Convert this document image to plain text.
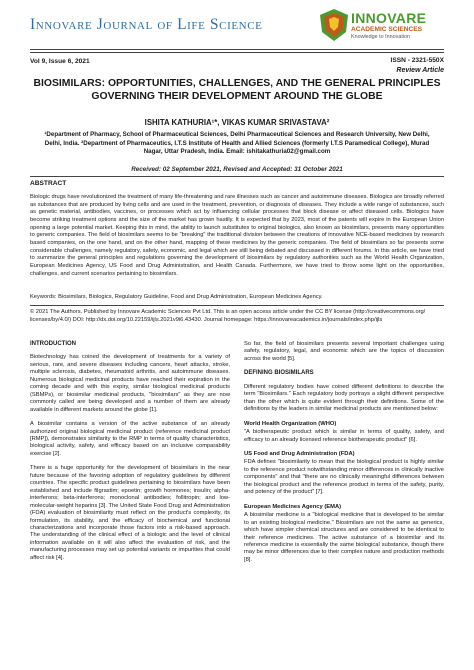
Innovare Journal of Life Science	INNOVARE
ACADEMIC SCIENCES
Knowledge to Innovation
Vol 9, Issue 6, 2021	ISSN - 2321-550X
Review Article
BIOSIMILARS: OPPORTUNITIES, CHALLENGES, AND THE GENERAL PRINCIPLES GOVERNING THEIR DEVELOPMENT AROUND THE GLOBE
ISHITA KATHURIA¹*, VIKAS KUMAR SRIVASTAVA²
¹Department of Pharmacy, School of Pharmaceutical Sciences, Delhi Pharmaceutical Sciences and Research University, New Delhi, Delhi, India. ²Department of Pharmaceutics, I.T.S Institute of Health and Allied Sciences (formerly I.T.S Paramedical College), Murad Nagar, Uttar Pradesh, India. Email: ishitakathuria02@gmail.com
Received: 02 September 2021, Revised and Accepted: 31 October 2021
ABSTRACT
Biologic drugs have revolutionized the treatment of many life-threatening and rare illnesses such as cancer and autoimmune diseases. Biologics are broadly referred as substances that are produced by living cells and are used in the treatment, prevention, or diagnosis of diseases. They include a wide range of substances, such as genetic material, antibodies, vaccines, or processes which act by influencing cellular processes that block disease or affect diseased cells. Biologics have become striking treatment options and the size of the market has grown hastily. It is expected that by 2023, most of the patents will expire in the European Union opening a large potential market. Keeping this in mind, the ability to launch substitutes to original biologics, also known as biosimilars, presents many opportunities to generic companies. The field of biosimilars seems to be "breaking" the traditional division between the creations of innovative NCE-based medicines by research based companies, on the one hand, and on the other hand, mapping of these medicines by the generic companies. The field of biosimilars so far presents some considerable challenges, namely regulatory, safety, economic, and legal which are still being debated and discussed in different forums. In this article, we have tried to summarize the general principles and regulations governing the development of biosimilars by regulatory authorities such as the World Health Organization, European Medicines Agency, US Food and Drug Administration, and Health Canada. Furthermore, we have tried to throw some light on the opportunities, challenges, and current scenarios pertaining to biosimilars.
Keywords: Biosimilars, Biologics, Regulatory Guideline, Food and Drug Administration, European Medicines Agency.
© 2021 The Authors. Published by Innovare Academic Sciences Pvt Ltd. This is an open access article under the CC BY license (http://creativecommons.org/ licenses/by/4.0/) DOI: http://dx.doi.org/10.22159/ijls.2021v9i6.43430. Journal homepage: https://innovareacademics.in/journals/index.php/ijls
INTRODUCTION

Biotechnology has coined the development of treatments for a variety of serious, rare, and severe diseases including cancers, heart attacks, stroke, multiple sclerosis, diabetes, rheumatoid arthritis, and autoimmune diseases. Numerous biological medicinal products have reached their expiration in the coming decade and with this expiry, similar biological medicinal products (SBMPs), or biosimilar medicinal products, "biosimilars" as they are now commonly called are being developed and a number of them are already available in different markets around the globe [1].

A biosimilar contains a version of the active substance of an already authorized original biological medicinal product (reference medicinal product [RMP]), demonstrates similarity to the RMP in terms of quality characteristics, biological activity, safety, and efficacy based on an inclusive comparability exercise [2].

There is a huge opportunity for the development of biosimilars in the near future because of the favoring adoption of regulatory guidelines by different countries. The specific product guidelines pertaining to biosimilars have been established and include filgrastim; epoetin; growth hormones; insulin; alpha-interferons; beta-interferons; monoclonal antibodies; follitropin; and low-molecular-weight heparins [3]. The United State Food Drug and Administration (FDA) evaluation of biosimilarity must reflect on the product's complexity, its formulation, its stability, and the efficacy of biochemical and functional characterizations and incorporate those factors into a risk-based approach. The understanding of the clinical effect of a biologic and the level of clinical information available on it will also affect the evaluation of risk, and the manufacturing processes may set up potential variants or impurities that could affect risk [4].

So far, the field of biosimilars presents several important challenges using safety, regulatory, legal, and economic which are the topics of discussion across the world [5].

DEFINING BIOSIMILARS

Different regulatory bodies have coined different definitions to describe the term "Biosimilars." Each regulatory body portrays a slight different perspective than the other which is quite evident through their definitions. Some of the definitions by the leaders in similar medicinal products are mentioned below:

World Health Organization (WHO)

"A biotherapeutic product which is similar in terms of quality, safety, and efficacy to an already licensed reference biotherapeutic product" [6].

US Food and Drug Administration (FDA)

FDA defines "biosimilarity to mean that the biological product is highly similar to the reference product notwithstanding minor differences in clinically inactive components" and that "there are no clinically meaningful differences between the biological product and the reference product in terms of the safety, purity, and potency of the product" [7].

European Medicines Agency (EMA)

A biosimilar medicine is a "biological medicine that is developed to be similar to an existing biological medicine." Biosimilars are not the same as generics, which have simpler chemical structures and are considered to be identical to their reference medicines. The active substance of a biosimilar and its reference medicine is essentially the same biological substance, though there may be minor differences due to their complex nature and production methods [8].
